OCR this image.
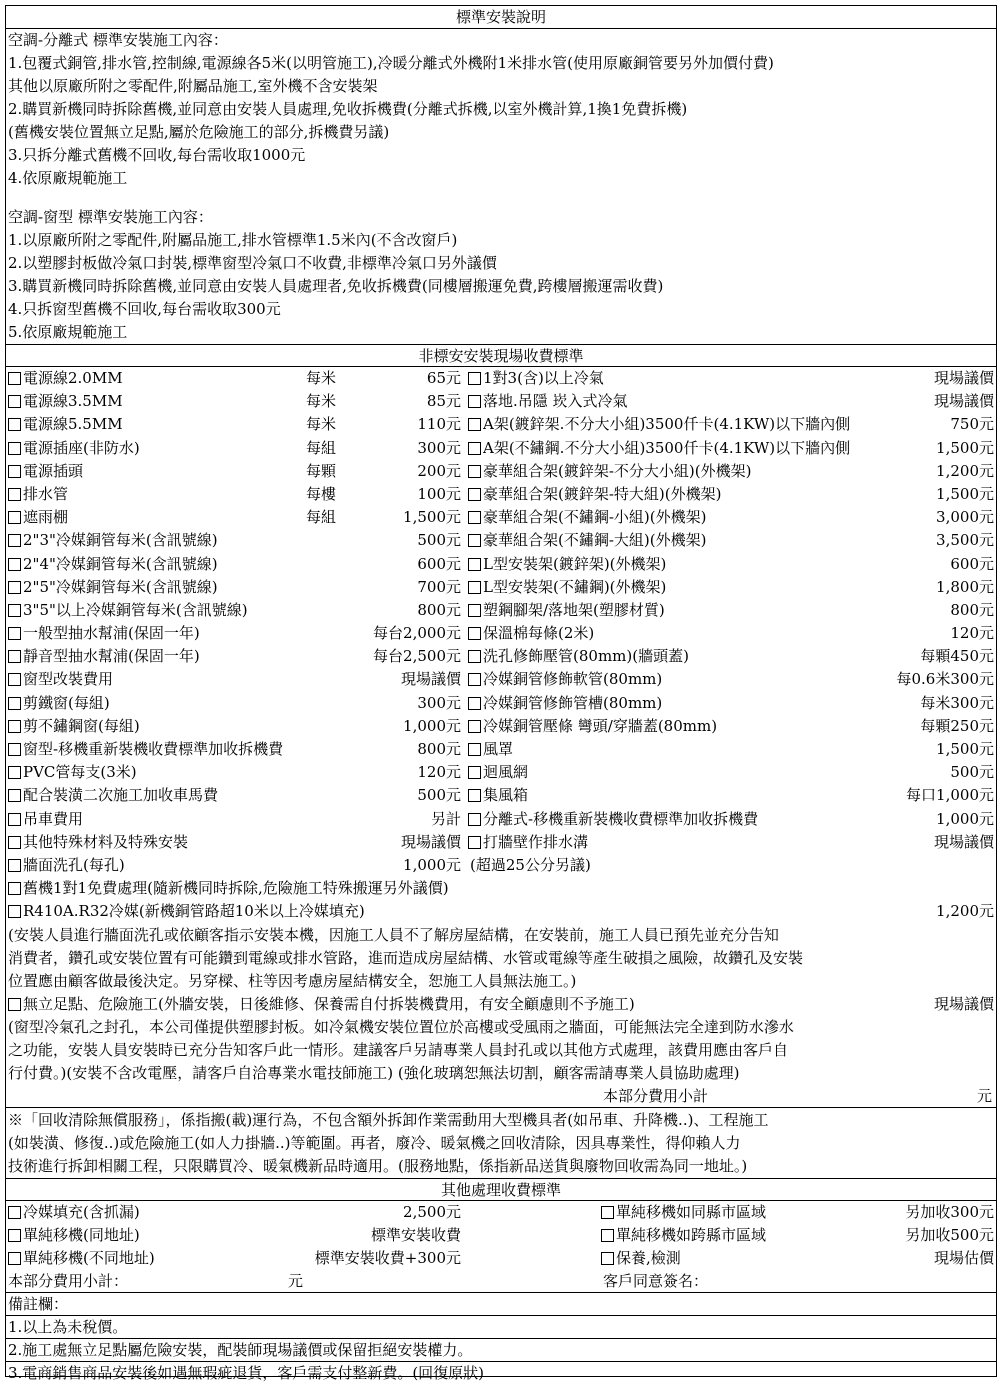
標準安裝說明
空調-分離式 標準安裝施工內容：
1.包覆式銅管,排水管,控制線,電源線各5米(以明管施工),冷暖分離式外機附1米排水管(使用原廠銅管要另外加價付費)
其他以原廠所附之零配件,附屬品施工,室外機不含安裝架
2.購買新機同時拆除舊機,並同意由安裝人員處理,免收拆機費(分離式拆機,以室外機計算,1換1免費拆機)
(舊機安裝位置無立足點,屬於危險施工的部分,拆機費另議)
3.只拆分離式舊機不回收,每台需收取1000元
4.依原廠規範施工
空調-窗型 標準安裝施工內容：
1.以原廠所附之零配件,附屬品施工,排水管標準1.5米內(不含改窗戶)
2.以塑膠封板做冷氣口封裝,標準窗型冷氣口不收費,非標準冷氣口另外議價
3.購買新機同時拆除舊機,並同意由安裝人員處理者,免收拆機費(同樓層搬運免費,跨樓層搬運需收費)
4.只拆窗型舊機不回收,每台需收取300元
5.依原廠規範施工
非標安安裝現場收費標準
電源線2.0MM	每米	65元	1對3(含)以上冷氣	現場議價
電源線3.5MM	每米	85元	落地.吊隱 崁入式冷氣	現場議價
電源線5.5MM	每米	110元	A架(鍍鋅架.不分大小組)3500仟卡(4.1KW)以下牆內側	750元
電源插座(非防水)	每組	300元	A架(不鏽鋼.不分大小組)3500仟卡(4.1KW)以下牆內側	1,500元
電源插頭	每顆	200元	豪華組合架(鍍鋅架-不分大小組)(外機架)	1,200元
排水管	每樓	100元	豪華組合架(鍍鋅架-特大組)(外機架)	1,500元
遮雨棚	每組	1,500元	豪華組合架(不鏽鋼-小組)(外機架)	3,000元
2"3"冷媒銅管每米(含訊號線)	500元	豪華組合架(不鏽鋼-大組)(外機架)	3,500元
2"4"冷媒銅管每米(含訊號線)	600元	L型安裝架(鍍鋅架)(外機架)	600元
2"5"冷媒銅管每米(含訊號線)	700元	L型安裝架(不鏽鋼)(外機架)	1,800元
3"5"以上冷媒銅管每米(含訊號線)	800元	塑鋼腳架/落地架(塑膠材質)	800元
一般型抽水幫浦(保固一年)	每台2,000元	保溫棉每條(2米)	120元
靜音型抽水幫浦(保固一年)	每台2,500元	洗孔修飾壓管(80mm)(牆頭蓋)	每顆450元
窗型改裝費用	現場議價	冷媒銅管修飾軟管(80mm)	每0.6米300元
剪鐵窗(每組)	300元	冷媒銅管修飾管槽(80mm)	每米300元
剪不鏽鋼窗(每組)	1,000元	冷媒銅管壓條 彎頭/穿牆蓋(80mm)	每顆250元
窗型-移機重新裝機收費標準加收拆機費	800元	風罩	1,500元
PVC管每支(3米)	120元	迴風網	500元
配合裝潢二次施工加收車馬費	500元	集風箱	每口1,000元
吊車費用	另計	分離式-移機重新裝機收費標準加收拆機費	1,000元
其他特殊材料及特殊安裝	現場議價	打牆壁作排水溝	現場議價
牆面洗孔(每孔)	1,000元 (超過25公分另議)
舊機1對1免費處理(隨新機同時拆除,危險施工特殊搬運另外議價)
R410A.R32冷媒(新機銅管路超10米以上冷媒填充)	1,200元
(安裝人員進行牆面洗孔或依顧客指示安裝本機，因施工人員不了解房屋結構，在安裝前，施工人員已預先並充分告知
消費者，鑽孔或安裝位置有可能鑽到電線或排水管路，進而造成房屋結構、水管或電線等產生破損之風險，故鑽孔及安裝
位置應由顧客做最後決定。另穿樑、柱等因考慮房屋結構安全，恕施工人員無法施工。)
無立足點、危險施工(外牆安裝，日後維修、保養需自付拆裝機費用，有安全顧慮則不予施工)	現場議價
(窗型冷氣孔之封孔，本公司僅提供塑膠封板。如冷氣機安裝位置位於高樓或受風雨之牆面，可能無法完全達到防水滲水
之功能，安裝人員安裝時已充分告知客戶此一情形。建議客戶另請專業人員封孔或以其他方式處理，該費用應由客戶自
行付費。)(安裝不含改電壓，請客戶自洽專業水電技師施工) (強化玻璃恕無法切割，顧客需請專業人員協助處理)
本部分費用小計	元
※「回收清除無償服務」，係指搬(載)運行為，不包含額外拆卸作業需動用大型機具者(如吊車、升降機..)、工程施工
(如裝潢、修復..)或危險施工(如人力掛牆..)等範圍。再者，廢冷、暖氣機之回收清除，因具專業性，得仰賴人力
技術進行拆卸相關工程，只限購買冷、暖氣機新品時適用。(服務地點，係指新品送貨與廢物回收需為同一地址。)
其他處理收費標準
冷媒填充(含抓漏)	2,500元	單純移機如同縣市區域	另加收300元
單純移機(同地址)	標準安裝收費	單純移機如跨縣市區域	另加收500元
單純移機(不同地址)	標準安裝收費+300元	保養,檢測	現場估價
本部分費用小計：	元	客戶同意簽名：
備註欄：
1.以上為未稅價。
2.施工處無立足點屬危險安裝，配裝師現場議價或保留拒絕安裝權力。
3.電商銷售商品安裝後如遇無瑕疵退貨，客戶需支付整新費。(回復原狀)
